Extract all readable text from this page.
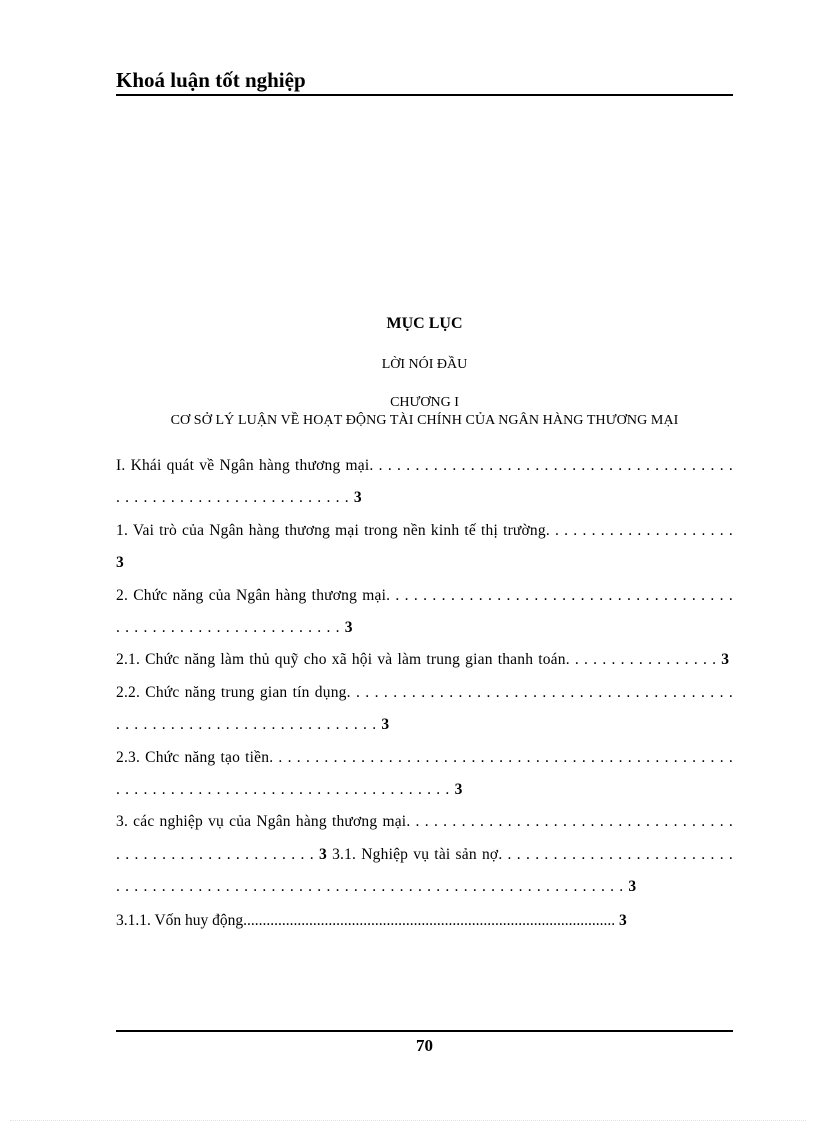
Khoá luận tốt nghiệp
MỤC LỤC
LỜI NÓI ĐẦU
CHƯƠNG I
CƠ SỞ LÝ LUẬN VỀ HOẠT ĐỘNG TÀI CHÍNH CỦA NGÂN HÀNG THƯƠNG MẠI

I. Khái quát về Ngân hàng thương mại. . . . . . . . . . . . . . . . . . . . . . . . . . . . . . . . . . . . . . . . . . . . . . . . . . . . . . . . . . . . . . . . . . 3

1. Vai trò của Ngân hàng thương mại trong nền kinh tế thị trường. . . . . . . . . . . . . . . . . . . . . 3

2. Chức năng của Ngân hàng thương mại. . . . . . . . . . . . . . . . . . . . . . . . . . . . . . . . . . . . . . . . . . . . . . . . . . . . . . . . . . . . . . . 3

2.1. Chức năng làm thủ quỹ cho xã hội và làm trung gian thanh toán. . . . . . . . . . . . . . . . . 3

2.2. Chức năng trung gian tín dụng. . . . . . . . . . . . . . . . . . . . . . . . . . . . . . . . . . . . . . . . . . . . . . . . . . . . . . . . . . . . . . . . . . . . . . . 3

2.3. Chức năng tạo tiền. . . . . . . . . . . . . . . . . . . . . . . . . . . . . . . . . . . . . . . . . . . . . . . . . . . . . . . . . . . . . . . . . . . . . . . . . . . . . . . . . . . . . . . . 3

3. các nghiệp vụ của Ngân hàng thương mại. . . . . . . . . . . . . . . . . . . . . . . . . . . . . . . . . . . . . . . . . . . . . . . . . . . . . . . . . . 3 3.1. Nghiệp vụ tài sản nợ. . . . . . . . . . . . . . . . . . . . . . . . . . . . . . . . . . . . . . . . . . . . . . . . . . . . . . . . . . . . . . . . . . . . . . . . . . . . . . . . . . 3

3.1.1. Vốn huy động................................................................................................ 3

70
